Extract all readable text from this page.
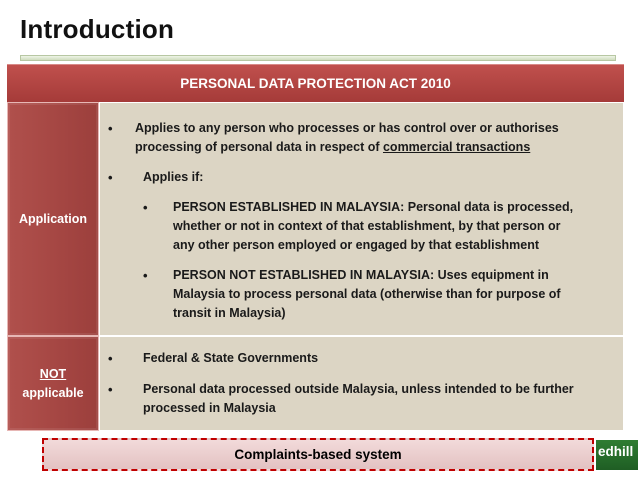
Introduction
PERSONAL DATA PROTECTION ACT 2010
Application
• Applies to any person who processes or has control over or authorises
processing of personal data in respect of commercial transactions
• Applies if:
• PERSON ESTABLISHED IN MALAYSIA: Personal data is processed,
whether or not in context of that establishment, by that person or
any other person employed or engaged by that establishment
• PERSON NOT ESTABLISHED IN MALAYSIA: Uses equipment in
Malaysia to process personal data (otherwise than for purpose of
transit in Malaysia)
NOT
applicable
• Federal & State Governments
• Personal data processed outside Malaysia, unless intended to be further
processed in Malaysia
Complaints-based system	edhill
